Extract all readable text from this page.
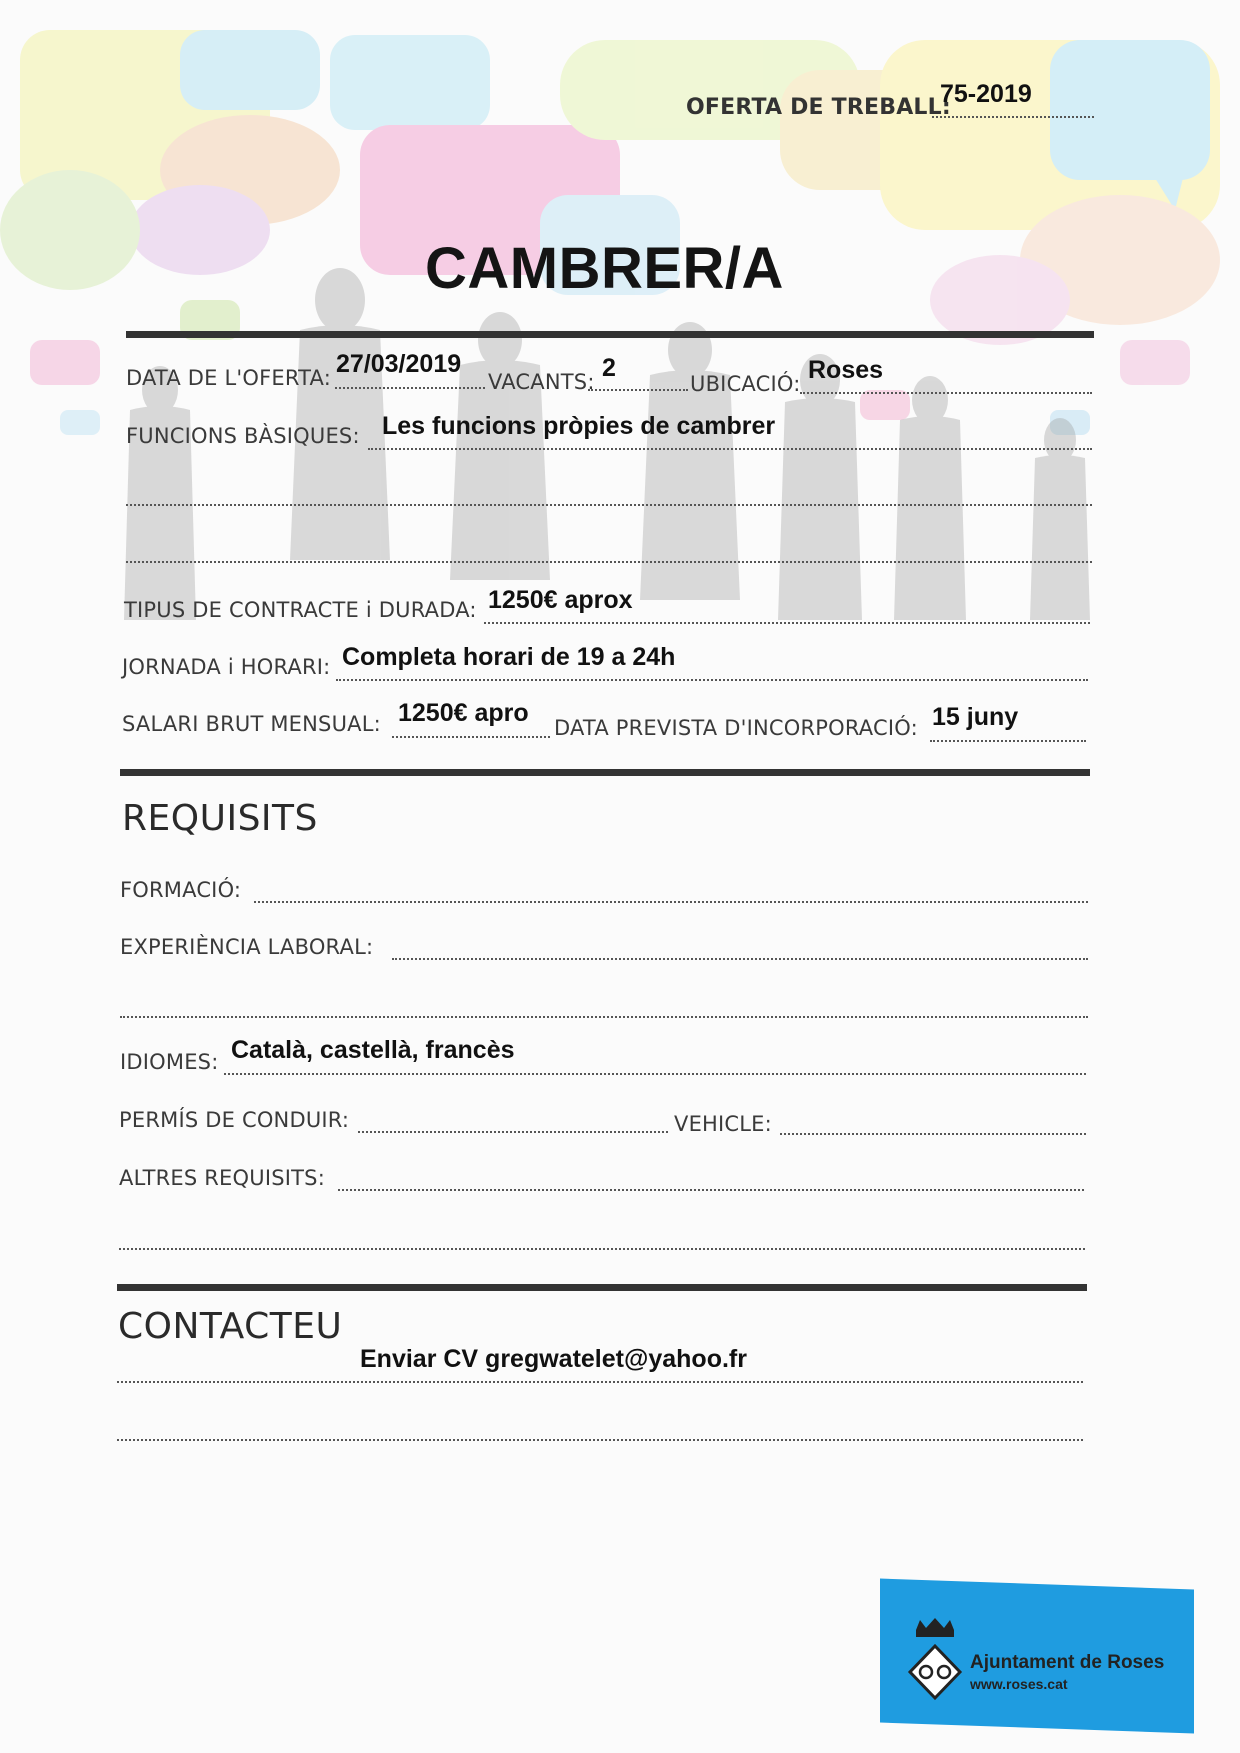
OFERTA DE TREBALL:
75-2019
CAMBRER/A
DATA DE L'OFERTA: 27/03/2019
VACANTS: 2
UBICACIÓ: Roses
FUNCIONS BÀSIQUES: Les funcions pròpies de cambrer
TIPUS DE CONTRACTE i DURADA: 1250€ aprox
JORNADA i HORARI: Completa horari de 19 a 24h
SALARI BRUT MENSUAL: 1250€ apro
DATA PREVISTA D'INCORPORACIÓ: 15 juny
REQUISITS
FORMACIÓ:
EXPERIÈNCIA LABORAL:
IDIOMES: Català, castellà, francès
PERMÍS DE CONDUIR:	VEHICLE:
ALTRES REQUISITS:
CONTACTEU
Enviar CV gregwatelet@yahoo.fr
Ajuntament de Roses
www.roses.cat
